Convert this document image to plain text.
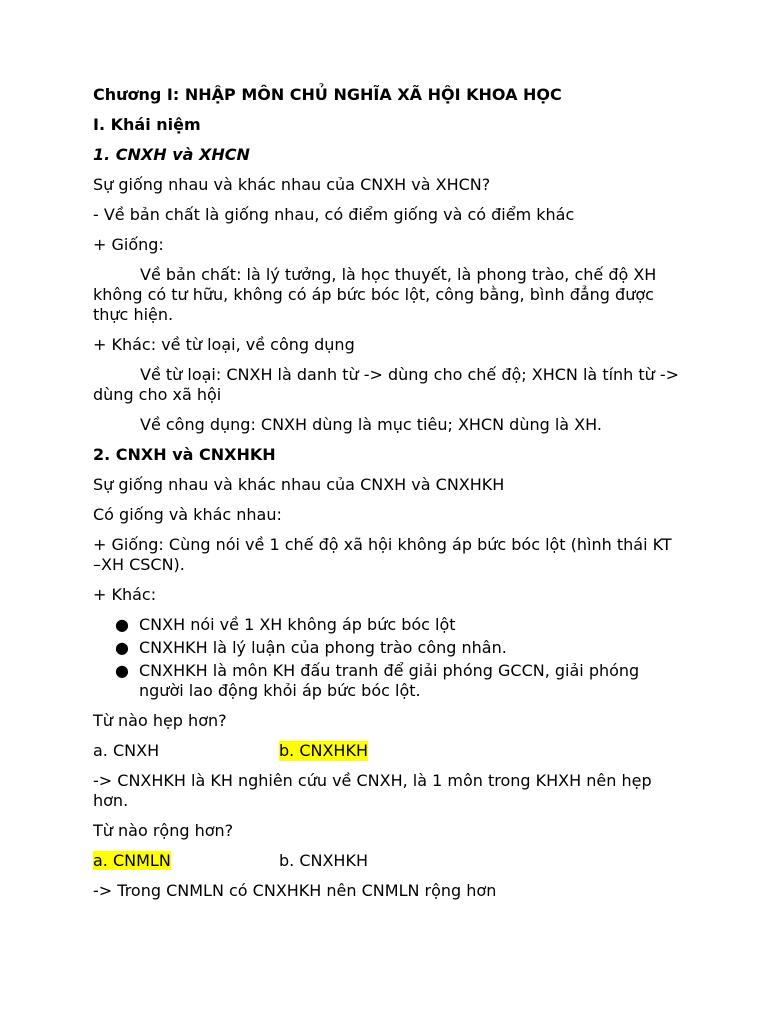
Chương I: NHẬP MÔN CHỦ NGHĨA XÃ HỘI KHOA HỌC

I. Khái niệm

1. CNXH và XHCN

Sự giống nhau và khác nhau của CNXH và XHCN?

- Về bản chất là giống nhau, có điểm giống và có điểm khác

+ Giống:

Về bản chất: là lý tưởng, là học thuyết, là phong trào, chế độ XH không có tư hữu, không có áp bức bóc lột, công bằng, bình đẳng được thực hiện.

+ Khác: về từ loại, về công dụng

Về từ loại: CNXH là danh từ -> dùng cho chế độ; XHCN là tính từ -> dùng cho xã hội

Về công dụng: CNXH dùng là mục tiêu; XHCN dùng là XH.

2. CNXH và CNXHKH

Sự giống nhau và khác nhau của CNXH và CNXHKH

Có giống và khác nhau:

+ Giống: Cùng nói về 1 chế độ xã hội không áp bức bóc lột (hình thái KT –XH CSCN).

+ Khác:

● CNXH nói về 1 XH không áp bức bóc lột
● CNXHKH là lý luận của phong trào công nhân.
● CNXHKH là môn KH đấu tranh để giải phóng GCCN, giải phóng người lao động khỏi áp bức bóc lột.

Từ nào hẹp hơn?

a. CNXH	b. CNXHKH

-> CNXHKH là KH nghiên cứu về CNXH, là 1 môn trong KHXH nên hẹp hơn.

Từ nào rộng hơn?

a. CNMLN	b. CNXHKH

-> Trong CNMLN có CNXHKH nên CNMLN rộng hơn
